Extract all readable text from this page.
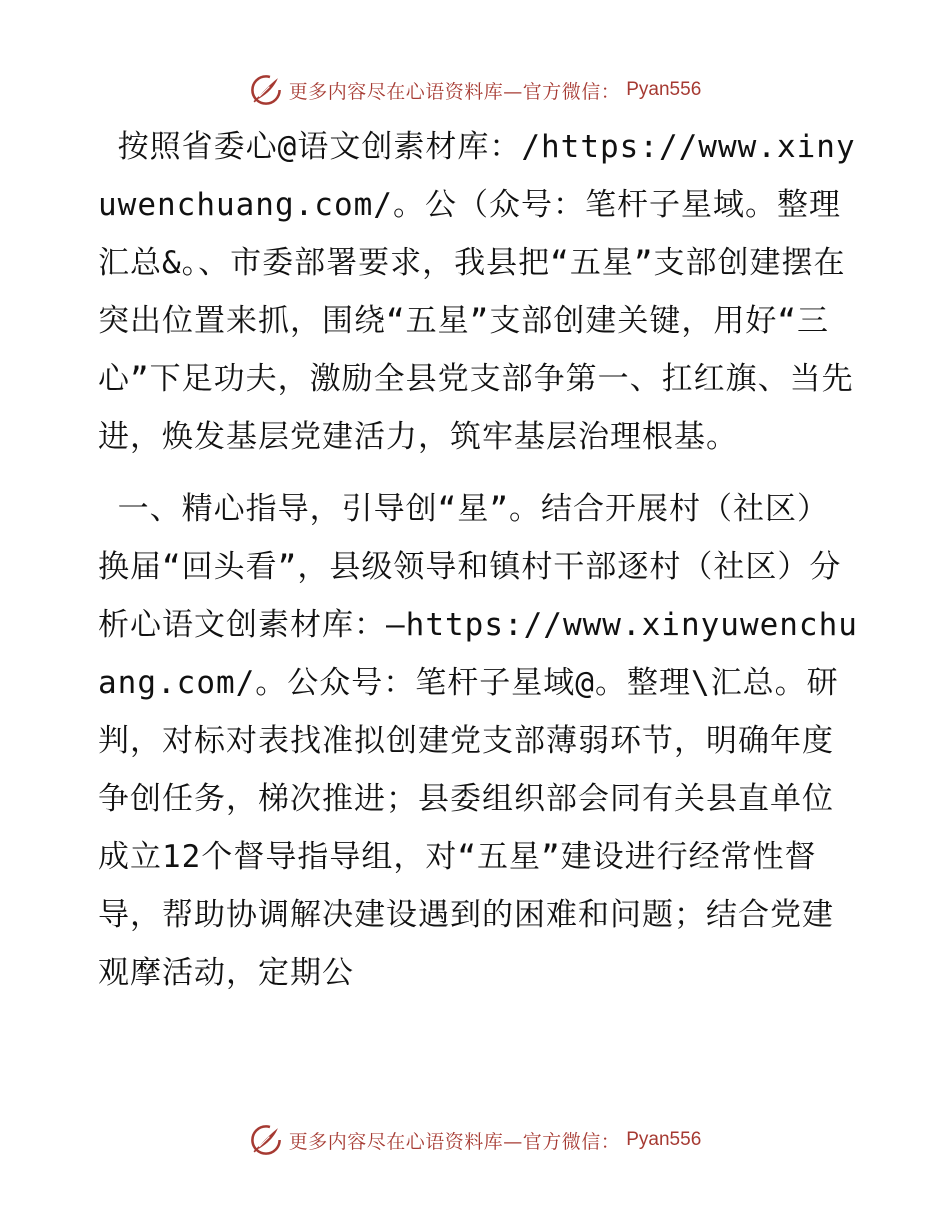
更多内容尽在心语资料库—官方微信： Pyan556

按照省委心@语文创素材库：/https://www.xinyuwenchuang.com/。公（众号：笔杆子星域。整理汇总&。、市委部署要求，我县把“五星”支部创建摆在突出位置来抓，围绕“五星”支部创建关键，用好“三心”下足功夫，激励全县党支部争第一、扛红旗、当先进，焕发基层党建活力，筑牢基层治理根基。

一、精心指导，引导创“星”。结合开展村（社区）换届“回头看”，县级领导和镇村干部逐村（社区）分析心语文创素材库：—https://www.xinyuwenchuang.com/。公众号：笔杆子星域@。整理\汇总。研判，对标对表找准拟创建党支部薄弱环节，明确年度争创任务，梯次推进；县委组织部会同有关县直单位成立12个督导指导组，对“五星”建设进行经常性督导，帮助协调解决建设遇到的困难和问题；结合党建观摩活动，定期公

更多内容尽在心语资料库—官方微信： Pyan556
